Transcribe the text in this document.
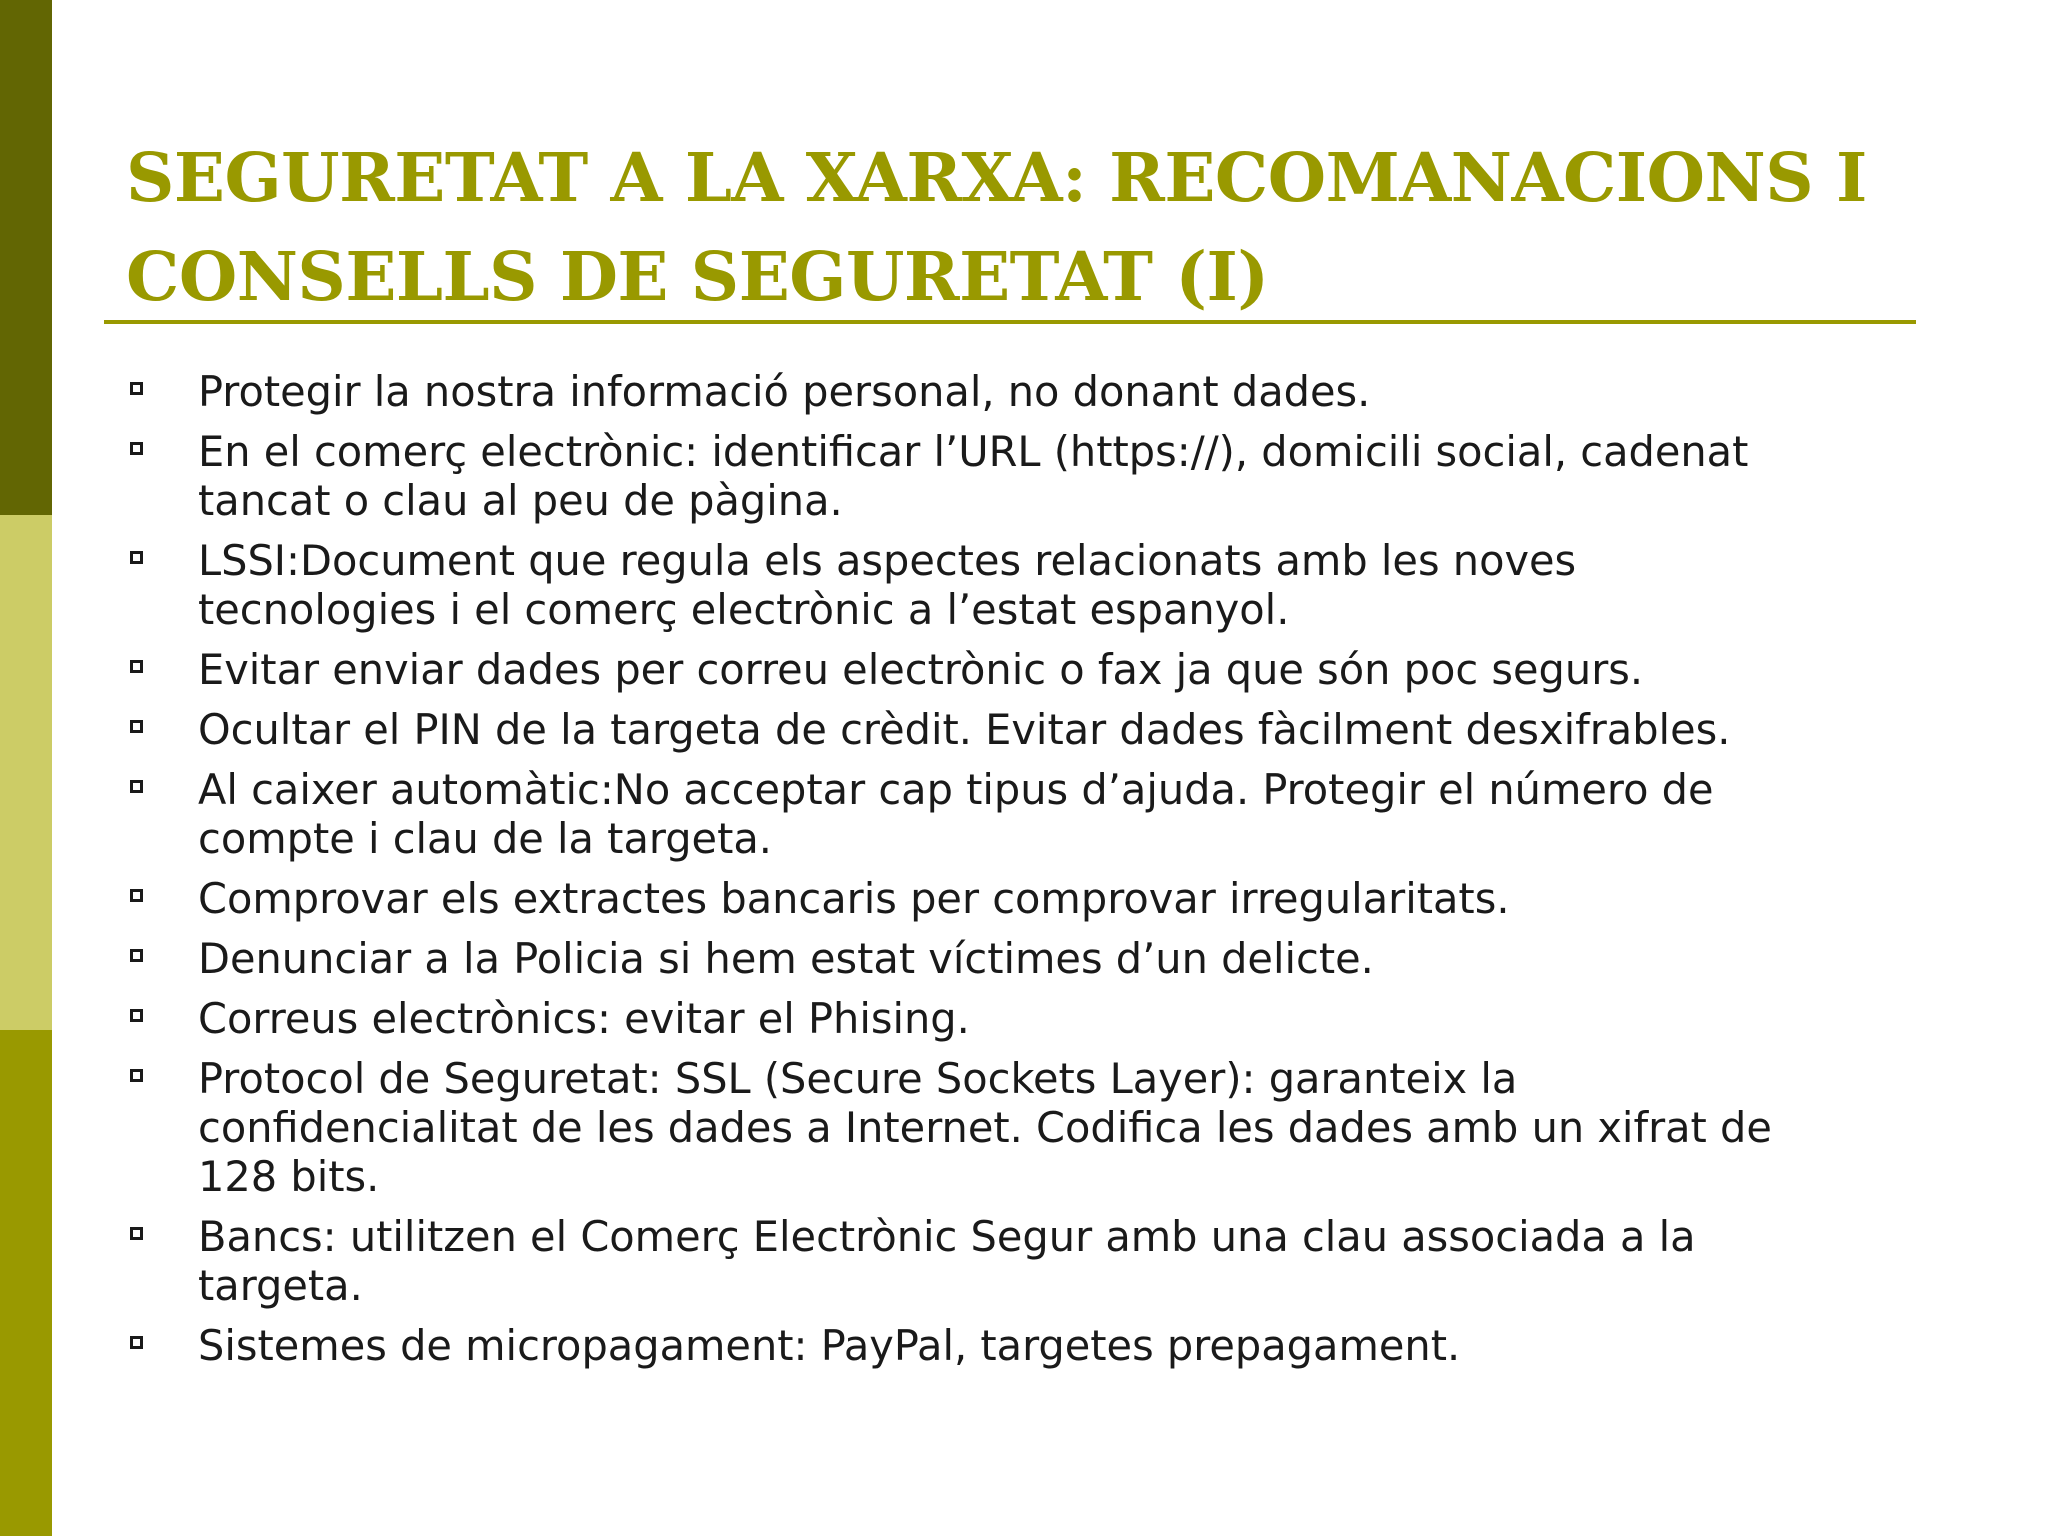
SEGURETAT A LA XARXA: RECOMANACIONS I
CONSELLS DE SEGURETAT (I)
Protegir la nostra informació personal, no donant dades.
En el comerç electrònic: identificar l’URL (https://), domicili social, cadenat
tancat o clau al peu de pàgina.
LSSI:Document que regula els aspectes relacionats amb les noves
tecnologies i el comerç electrònic a l’estat espanyol.
Evitar enviar dades per correu electrònic o fax ja que són poc segurs.
Ocultar el PIN de la targeta de crèdit. Evitar dades fàcilment desxifrables.
Al caixer automàtic:No acceptar cap tipus d’ajuda. Protegir el número de
compte i clau de la targeta.
Comprovar els extractes bancaris per comprovar irregularitats.
Denunciar a la Policia si hem estat víctimes d’un delicte.
Correus electrònics: evitar el Phising.
Protocol de Seguretat: SSL (Secure Sockets Layer): garanteix la
confidencialitat de les dades a Internet. Codifica les dades amb un xifrat de
128 bits.
Bancs: utilitzen el Comerç Electrònic Segur amb una clau associada a la
targeta.
Sistemes de micropagament: PayPal, targetes prepagament.
